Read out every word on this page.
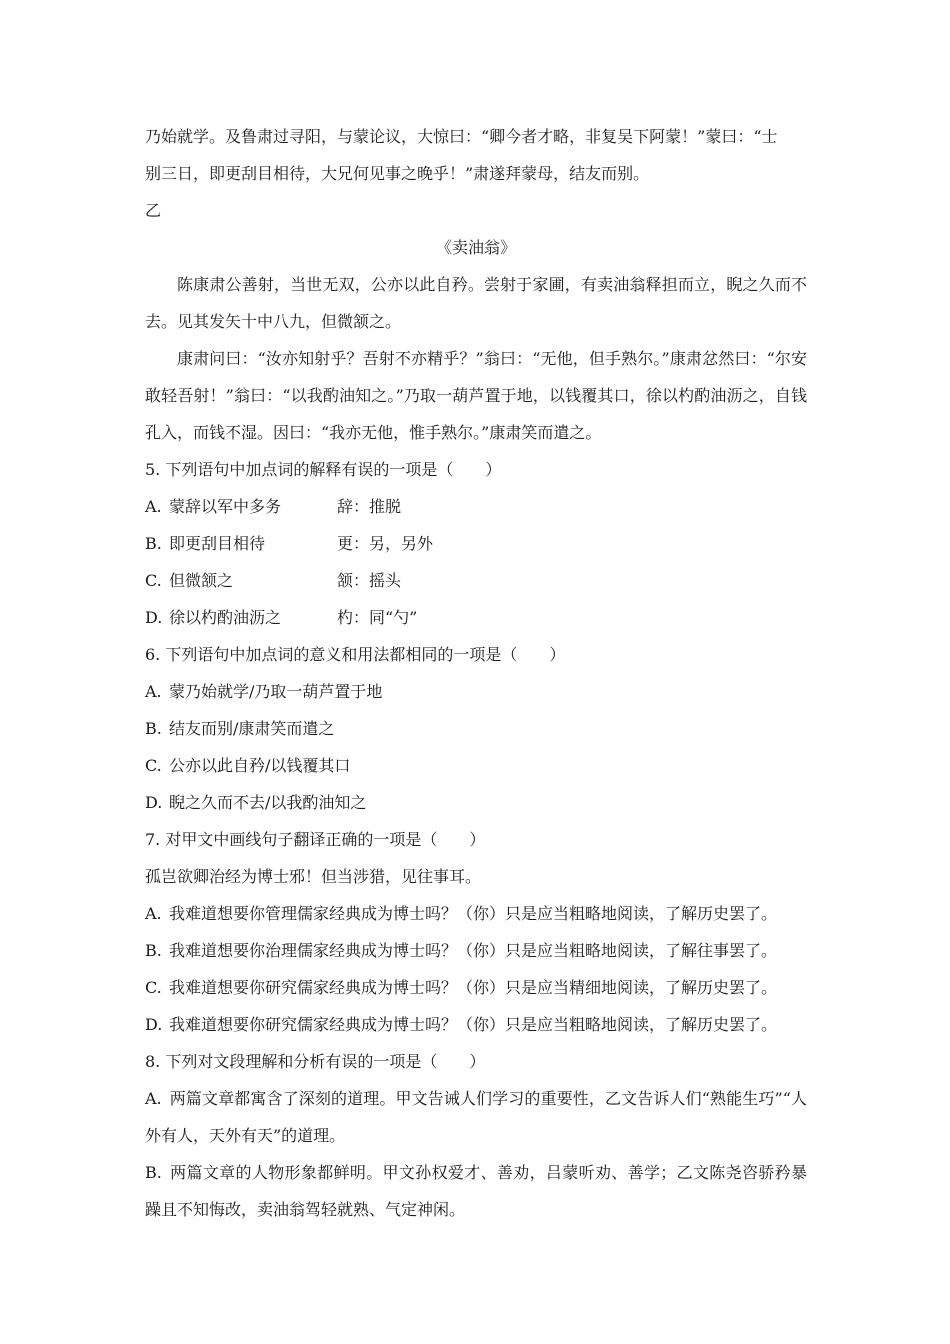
乃始就学。及鲁肃过寻阳，与蒙论议，大惊曰：“卿今者才略，非复吴下阿蒙！”蒙曰：“士

别三日，即更刮目相待，大兄何见事之晚乎！”肃遂拜蒙母，结友而别。

乙

《卖油翁》

陈康肃公善射，当世无双，公亦以此自矜。尝射于家圃，有卖油翁释担而立，睨之久而不去。见其发矢十中八九，但微颔之。

康肃问曰：“汝亦知射乎？吾射不亦精乎？”翁曰：“无他，但手熟尔。”康肃忿然曰：“尔安敢轻吾射！”翁曰：“以我酌油知之。”乃取一葫芦置于地，以钱覆其口，徐以杓酌油沥之，自钱孔入，而钱不湿。因曰：“我亦无他，惟手熟尔。”康肃笑而遣之。

5. 下列语句中加点词的解释有误的一项是（　　）

A. 蒙辞以军中多务	辞：推脱
B. 即更刮目相待	更：另，另外
C. 但微颔之	颔：摇头
D. 徐以杓酌油沥之	杓：同“勺”

6. 下列语句中加点词的意义和用法都相同的一项是（　　）

A. 蒙乃始就学/乃取一葫芦置于地
B. 结友而别/康肃笑而遣之
C. 公亦以此自矜/以钱覆其口
D. 睨之久而不去/以我酌油知之

7. 对甲文中画线句子翻译正确的一项是（　　）

孤岂欲卿治经为博士邪！但当涉猎，见往事耳。

A. 我难道想要你管理儒家经典成为博士吗？（你）只是应当粗略地阅读，了解历史罢了。
B. 我难道想要你治理儒家经典成为博士吗？（你）只是应当粗略地阅读，了解往事罢了。
C. 我难道想要你研究儒家经典成为博士吗？（你）只是应当精细地阅读，了解历史罢了。
D. 我难道想要你研究儒家经典成为博士吗？（你）只是应当粗略地阅读，了解历史罢了。

8. 下列对文段理解和分析有误的一项是（　　）

A. 两篇文章都寓含了深刻的道理。甲文告诫人们学习的重要性，乙文告诉人们“熟能生巧”“人外有人，天外有天”的道理。

B. 两篇文章的人物形象都鲜明。甲文孙权爱才、善劝，吕蒙听劝、善学；乙文陈尧咨骄矜暴躁且不知悔改，卖油翁驾轻就熟、气定神闲。
